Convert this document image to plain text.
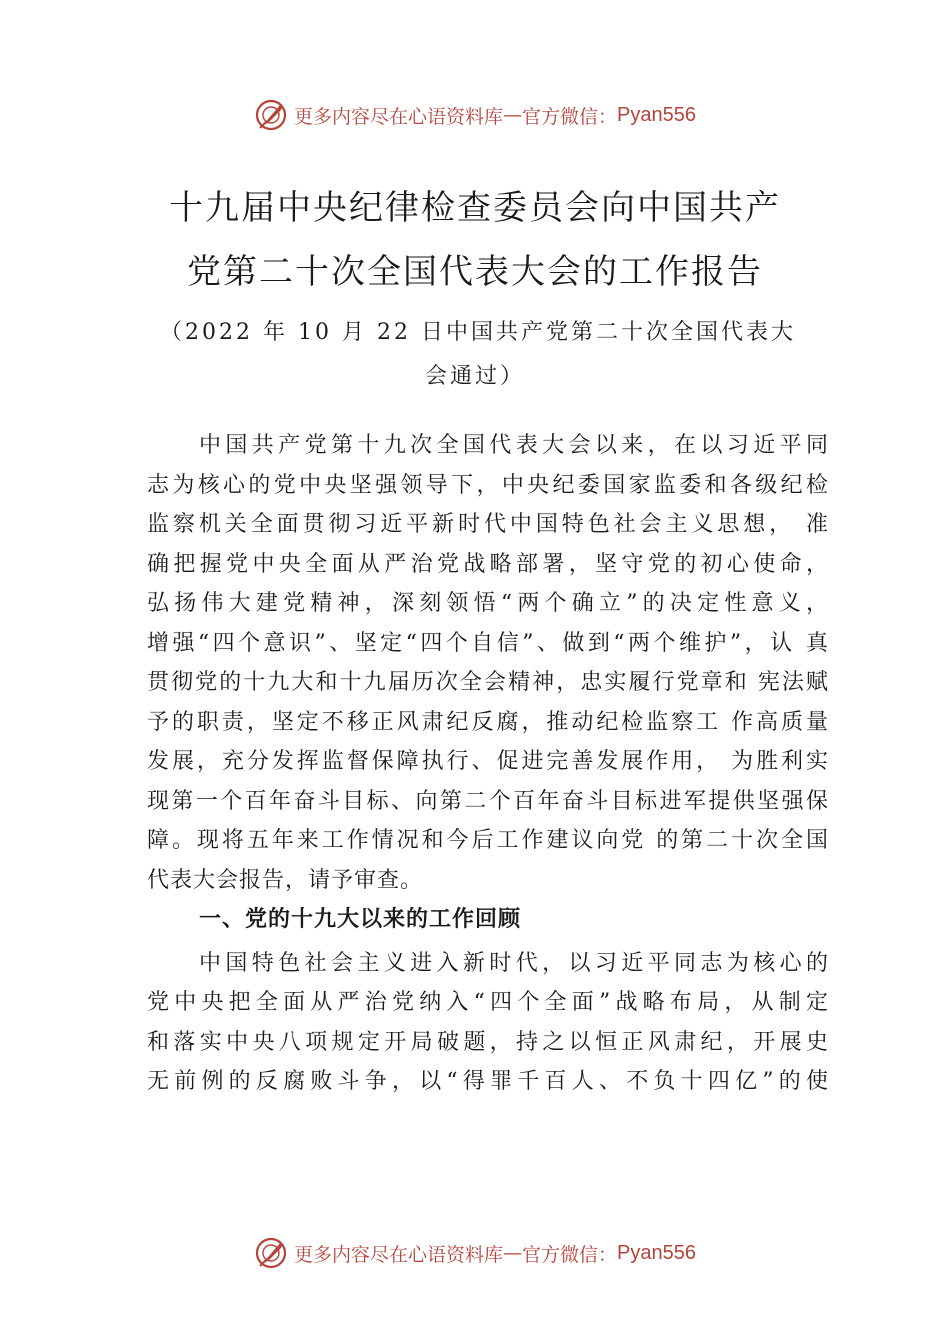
更多内容尽在心语资料库 — 官方微信： Pyan556
十九届中央纪律检查委员会向中国共产
党第二十次全国代表大会的工作报告
（2022 年 10 月 22 日中国共产党第二十次全国代表大
会通过）
中国共产党第十九次全国代表大会以来，在以习近平同
志为核心的党中央坚强领导下，中央纪委国家监委和各级纪检
监察机关全面贯彻习近平新时代中国特色社会主义思想， 准
确把握党中央全面从严治党战略部署，坚守党的初心使命，
弘扬伟大建党精神，深刻领悟“两个确立”的决定性意义，
增强“四个意识”、坚定“四个自信”、做到“两个维护”，认 真
贯彻党的十九大和十九届历次全会精神，忠实履行党章和 宪法赋
予的职责，坚定不移正风肃纪反腐，推动纪检监察工 作高质量
发展，充分发挥监督保障执行、促进完善发展作用， 为胜利实
现第一个百年奋斗目标、向第二个百年奋斗目标进军提供坚强保
障。现将五年来工作情况和今后工作建议向党 的第二十次全国
代表大会报告，请予审查。
一、党的十九大以来的工作回顾
中国特色社会主义进入新时代，以习近平同志为核心的
党中央把全面从严治党纳入“四个全面”战略布局，从制定
和落实中央八项规定开局破题，持之以恒正风肃纪，开展史
无前例的反腐败斗争，以“得罪千百人、不负十四亿”的使
更多内容尽在心语资料库 — 官方微信： Pyan556
